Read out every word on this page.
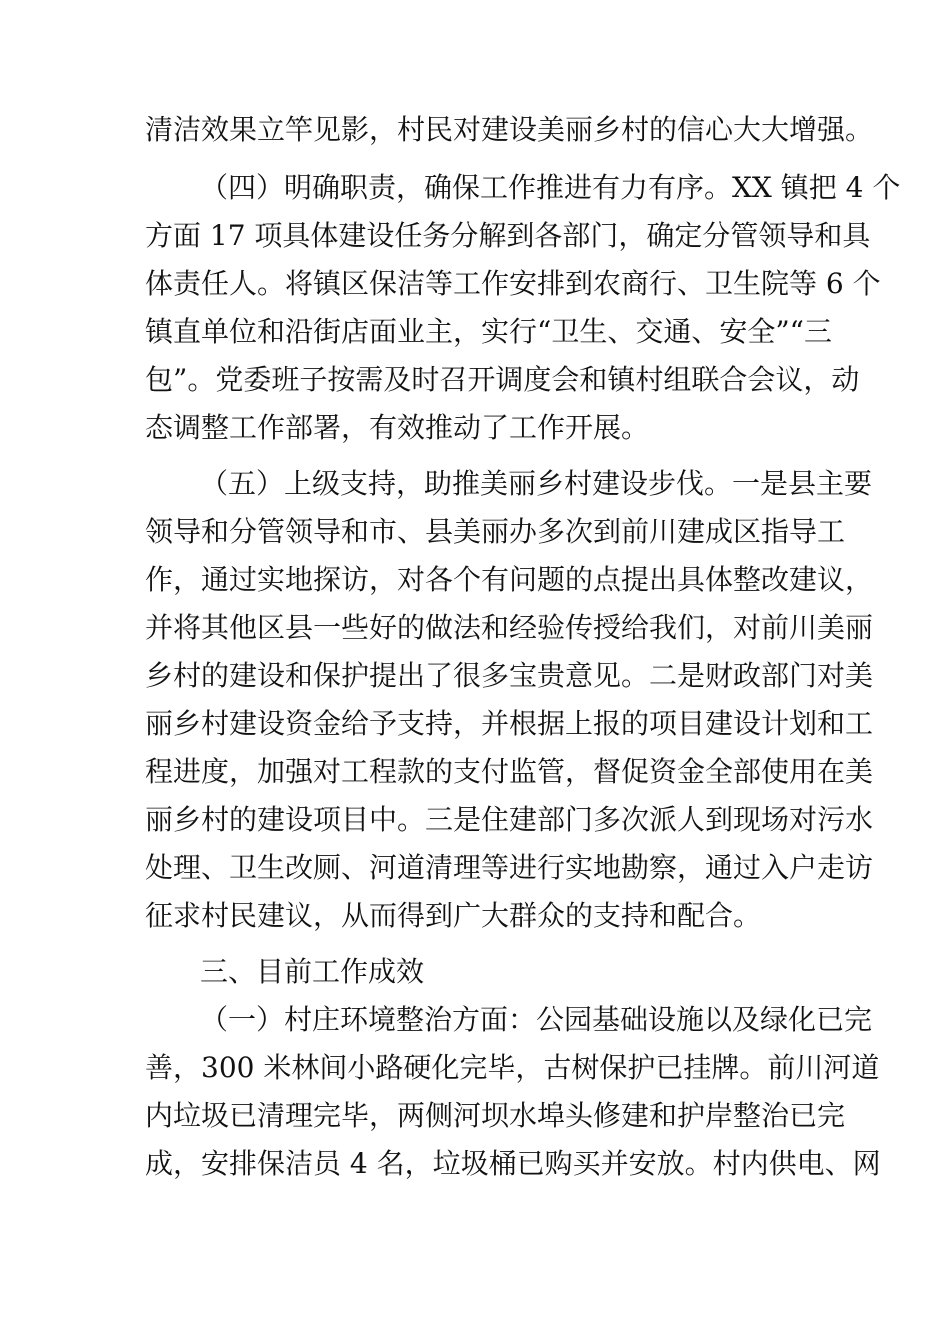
清洁效果立竿见影，村民对建设美丽乡村的信心大大增强。
（四）明确职责，确保工作推进有力有序。XX 镇把 4 个
方面 17 项具体建设任务分解到各部门，确定分管领导和具
体责任人。将镇区保洁等工作安排到农商行、卫生院等 6 个
镇直单位和沿街店面业主，实行“卫生、交通、安全”“三
包”。党委班子按需及时召开调度会和镇村组联合会议，动
态调整工作部署，有效推动了工作开展。
（五）上级支持，助推美丽乡村建设步伐。一是县主要
领导和分管领导和市、县美丽办多次到前川建成区指导工
作，通过实地探访，对各个有问题的点提出具体整改建议，
并将其他区县一些好的做法和经验传授给我们，对前川美丽
乡村的建设和保护提出了很多宝贵意见。二是财政部门对美
丽乡村建设资金给予支持，并根据上报的项目建设计划和工
程进度，加强对工程款的支付监管，督促资金全部使用在美
丽乡村的建设项目中。三是住建部门多次派人到现场对污水
处理、卫生改厕、河道清理等进行实地勘察，通过入户走访
征求村民建议，从而得到广大群众的支持和配合。
三、目前工作成效
（一）村庄环境整治方面：公园基础设施以及绿化已完
善，300 米林间小路硬化完毕，古树保护已挂牌。前川河道
内垃圾已清理完毕，两侧河坝水埠头修建和护岸整治已完
成，安排保洁员 4 名，垃圾桶已购买并安放。村内供电、网
